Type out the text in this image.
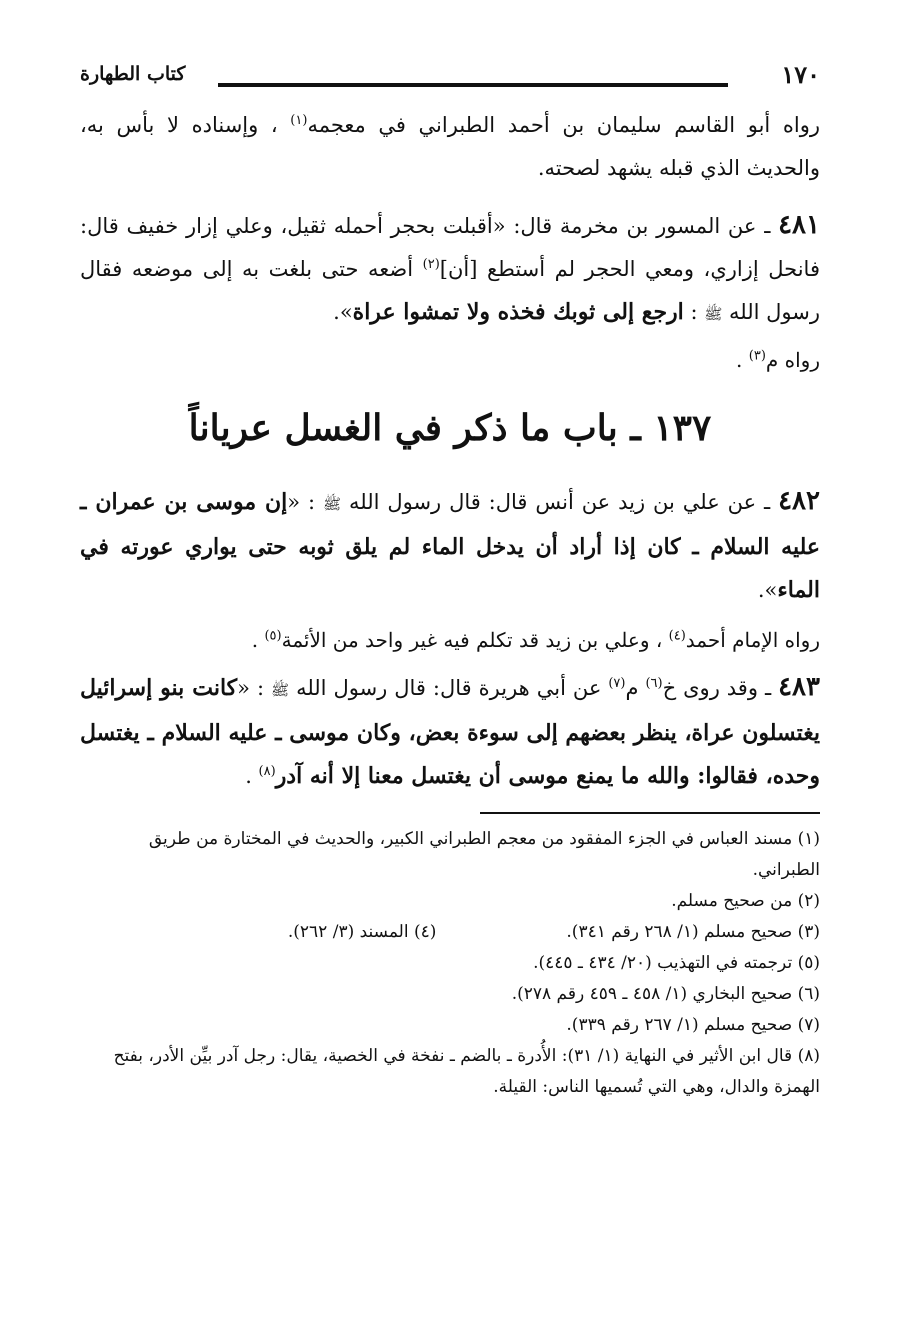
١٧٠
كتاب الطهارة

رواه أبو القاسم سليمان بن أحمد الطبراني في معجمه$^{(١)}$ ، وإسناده لا بأس به، والحديث الذي قبله يشهد لصحته.

٤٨١ ـ عن المسور بن مخرمة قال: «أقبلت بحجر أحمله ثقيل، وعلي إزار خفيف قال: فانحل إزاري، ومعي الحجر لم أستطع [أن]$^{(٢)}$ أضعه حتى بلغت به إلى موضعه فقال رسول الله ﷺ : ارجع إلى ثوبك فخذه ولا تمشوا عراة».

رواه م$^{(٣)}$ .

١٣٧ ـ باب ما ذكر في الغسل عرياناً

٤٨٢ ـ عن علي بن زيد عن أنس قال: قال رسول الله ﷺ : «إن موسى بن عمران ـ عليه السلام ـ كان إذا أراد أن يدخل الماء لم يلق ثوبه حتى يواري عورته في الماء».

رواه الإمام أحمد$^{(٤)}$ ، وعلي بن زيد قد تكلم فيه غير واحد من الأئمة$^{(٥)}$ .

٤٨٣ ـ وقد روى خ$^{(٦)}$ م$^{(٧)}$ عن أبي هريرة قال: قال رسول الله ﷺ : «كانت بنو إسرائيل يغتسلون عراة، ينظر بعضهم إلى سوءة بعض، وكان موسى ـ عليه السلام ـ يغتسل وحده، فقالوا: والله ما يمنع موسى أن يغتسل معنا إلا أنه آدر$^{(٨)}$ .

(١) مسند العباس في الجزء المفقود من معجم الطبراني الكبير، والحديث في المختارة من طريق الطبراني.

(٢) من صحيح مسلم.

(٣) صحيح مسلم (١/ ٢٦٨ رقم ٣٤١).
(٤) المسند (٣/ ٢٦٢).

(٥) ترجمته في التهذيب (٢٠/ ٤٣٤ ـ ٤٤٥).

(٦) صحيح البخاري (١/ ٤٥٨ ـ ٤٥٩ رقم ٢٧٨).

(٧) صحيح مسلم (١/ ٢٦٧ رقم ٣٣٩).

(٨) قال ابن الأثير في النهاية (١/ ٣١): الأُدرة ـ بالضم ـ نفخة في الخصية، يقال: رجل آدر بيِّن الأدر، بفتح الهمزة والدال، وهي التي تُسميها الناس: القيلة.
